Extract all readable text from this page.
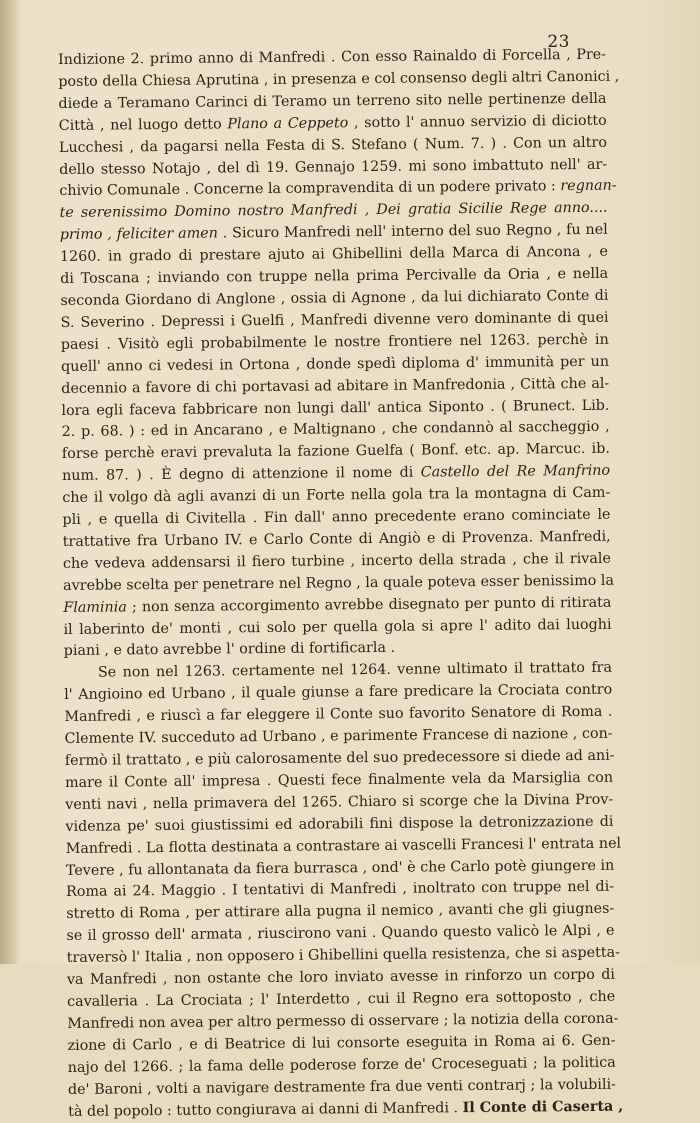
23
Indizione 2. primo anno di Manfredi . Con esso Rainaldo di Forcella , Pre-
posto della Chiesa Aprutina , in presenza e col consenso degli altri Canonici ,
diede a Teramano Carinci di Teramo un terreno sito nelle pertinenze della
Città , nel luogo detto Plano a Ceppeto , sotto l' annuo servizio di diciotto
Lucchesi , da pagarsi nella Festa di S. Stefano ( Num. 7. ) . Con un altro
dello stesso Notajo , del dì 19. Gennajo 1259. mi sono imbattuto nell' ar-
chivio Comunale . Concerne la compravendita di un podere privato : regnan-
te serenissimo Domino nostro Manfredi , Dei gratia Sicilie Rege anno....
primo , feliciter amen . Sicuro Manfredi nell' interno del suo Regno , fu nel
1260. in grado di prestare ajuto ai Ghibellini della Marca di Ancona , e
di Toscana ; inviando con truppe nella prima Percivalle da Oria , e nella
seconda Giordano di Anglone , ossia di Agnone , da lui dichiarato Conte di
S. Severino . Depressi i Guelfi , Manfredi divenne vero dominante di quei
paesi . Visitò egli probabilmente le nostre frontiere nel 1263. perchè in
quell' anno ci vedesi in Ortona , donde spedì diploma d' immunità per un
decennio a favore di chi portavasi ad abitare in Manfredonia , Città che al-
lora egli faceva fabbricare non lungi dall' antica Siponto . ( Brunect. Lib.
2. p. 68. ) : ed in Ancarano , e Maltignano , che condannò al saccheggio ,
forse perchè eravi prevaluta la fazione Guelfa ( Bonf. etc. ap. Marcuc. ib.
num. 87. ) . È degno di attenzione il nome di Castello del Re Manfrino
che il volgo dà agli avanzi di un Forte nella gola tra la montagna di Cam-
pli , e quella di Civitella . Fin dall' anno precedente erano cominciate le
trattative fra Urbano IV. e Carlo Conte di Angiò e di Provenza. Manfredi,
che vedeva addensarsi il fiero turbine , incerto della strada , che il rivale
avrebbe scelta per penetrare nel Regno , la quale poteva esser benissimo la
Flaminia ; non senza accorgimento avrebbe disegnato per punto di ritirata
il laberinto de' monti , cui solo per quella gola si apre l' adito dai luoghi
piani , e dato avrebbe l' ordine di fortificarla .
Se non nel 1263. certamente nel 1264. venne ultimato il trattato fra
l' Angioino ed Urbano , il quale giunse a fare predicare la Crociata contro
Manfredi , e riuscì a far eleggere il Conte suo favorito Senatore di Roma .
Clemente IV. succeduto ad Urbano , e parimente Francese di nazione , con-
fermò il trattato , e più calorosamente del suo predecessore si diede ad ani-
mare il Conte all' impresa . Questi fece finalmente vela da Marsiglia con
venti navi , nella primavera del 1265. Chiaro si scorge che la Divina Prov-
videnza pe' suoi giustissimi ed adorabili fini dispose la detronizzazione di
Manfredi . La flotta destinata a contrastare ai vascelli Francesi l' entrata nel
Tevere , fu allontanata da fiera burrasca , ond' è che Carlo potè giungere in
Roma ai 24. Maggio . I tentativi di Manfredi , inoltrato con truppe nel di-
stretto di Roma , per attirare alla pugna il nemico , avanti che gli giugnes-
se il grosso dell' armata , riuscirono vani . Quando questo valicò le Alpi , e
traversò l' Italia , non opposero i Ghibellini quella resistenza, che si aspetta-
va Manfredi , non ostante che loro inviato avesse in rinforzo un corpo di
cavalleria . La Crociata ; l' Interdetto , cui il Regno era sottoposto , che
Manfredi non avea per altro permesso di osservare ; la notizia della corona-
zione di Carlo , e di Beatrice di lui consorte eseguita in Roma ai 6. Gen-
najo del 1266. ; la fama delle poderose forze de' Croceseguati ; la politica
de' Baroni , volti a navigare destramente fra due venti contrarj ; la volubili-
tà del popolo : tutto congiurava ai danni di Manfredi . Il Conte di Caserta ,
